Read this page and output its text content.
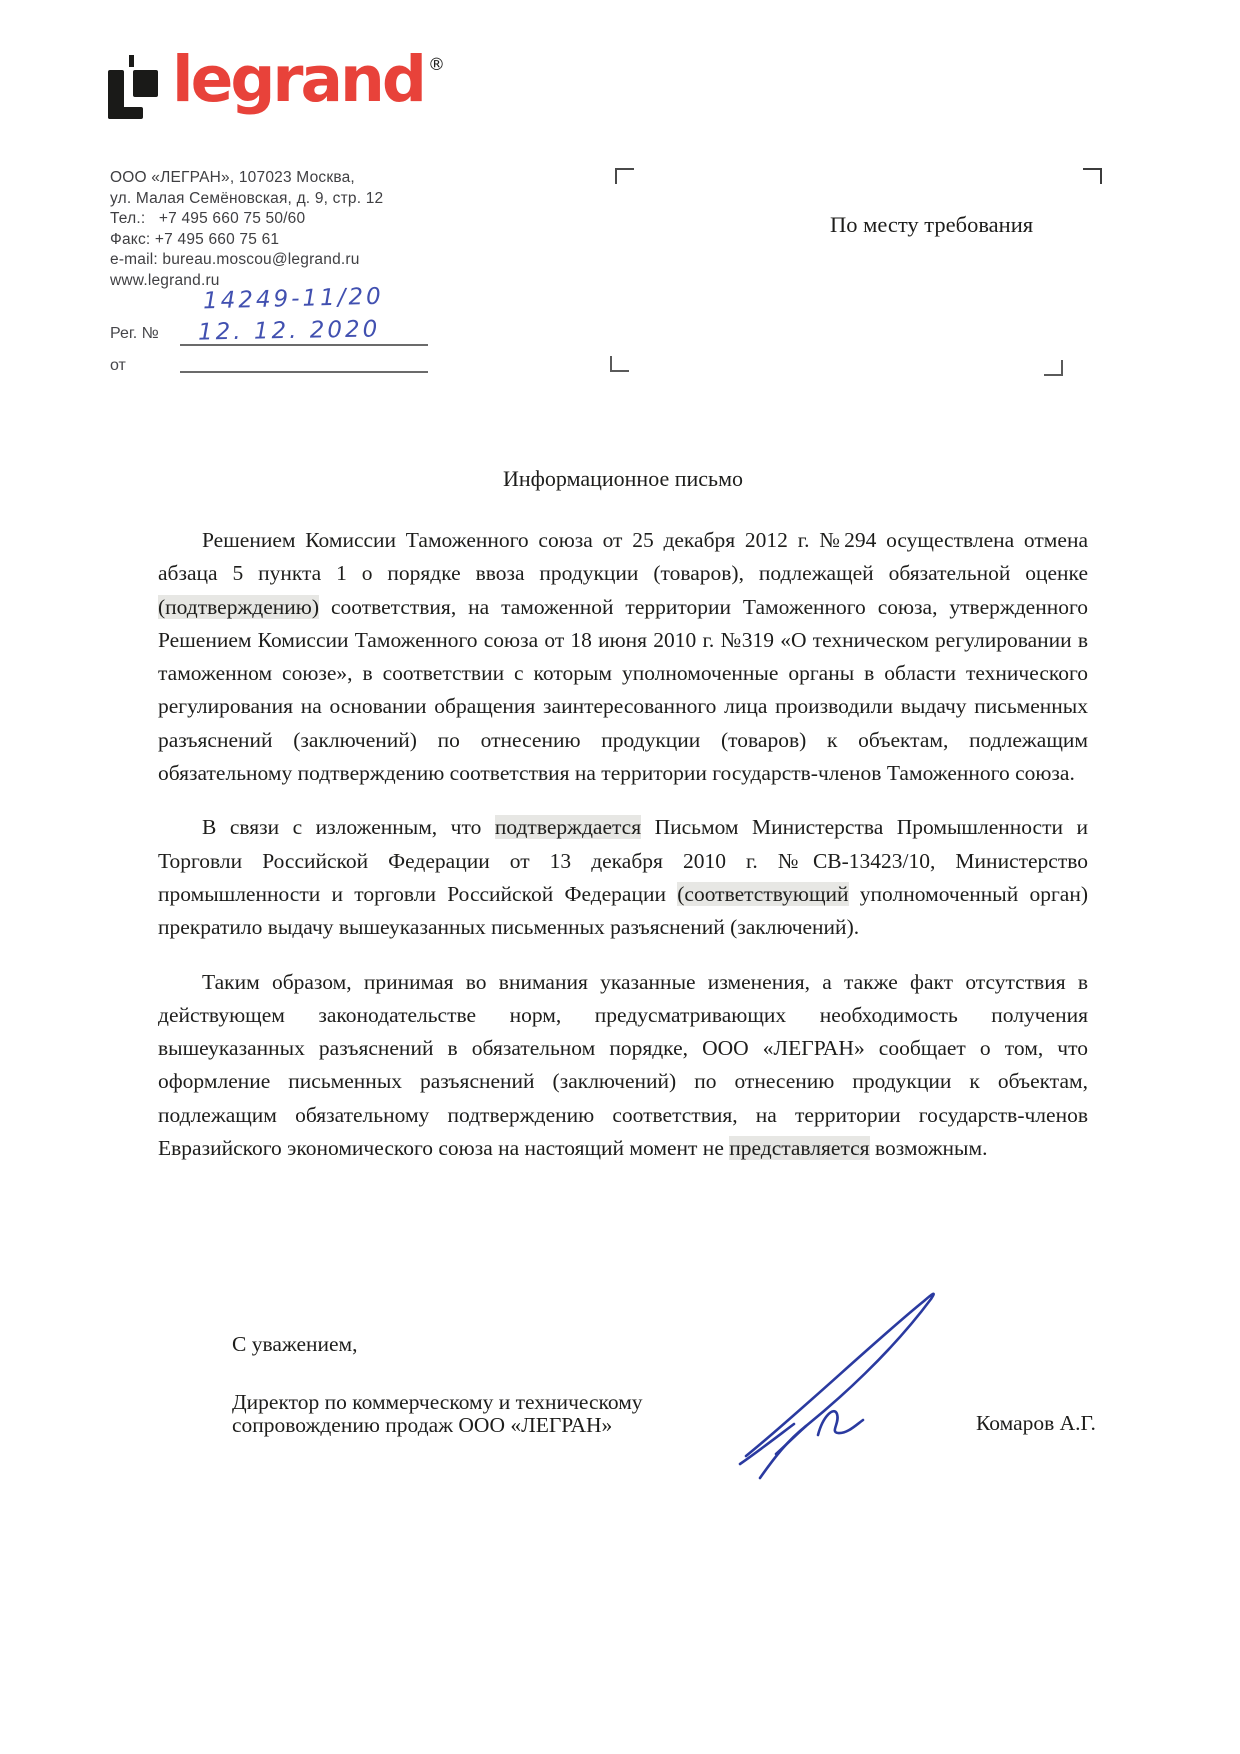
legrand ®
ООО «ЛЕГРАН», 107023 Москва,
ул. Малая Семёновская, д. 9, стр. 12
Тел.:   +7 495 660 75 50/60
Факс: +7 495 660 75 61
e-mail: bureau.moscou@legrand.ru
www.legrand.ru
Рег. №
14249-11/20
от
12. 12. 2020
По месту требования
Информационное письмо

Решением Комиссии Таможенного союза от 25 декабря 2012 г. №294 осуществлена отмена абзаца 5 пункта 1 о порядке ввоза продукции (товаров), подлежащей обязательной оценке (подтверждению) соответствия, на таможенной территории Таможенного союза, утвержденного Решением Комиссии Таможенного союза от 18 июня 2010 г. №319 «О техническом регулировании в таможенном союзе», в соответствии с которым уполномоченные органы в области технического регулирования на основании обращения заинтересованного лица производили выдачу письменных разъяснений (заключений) по отнесению продукции (товаров) к объектам, подлежащим обязательному подтверждению соответствия на территории государств-членов Таможенного союза.

В связи с изложенным, что подтверждается Письмом Министерства Промышленности и Торговли Российской Федерации от 13 декабря 2010 г. №СВ-13423/10, Министерство промышленности и торговли Российской Федерации (соответствующий уполномоченный орган) прекратило выдачу вышеуказанных письменных разъяснений (заключений).

Таким образом, принимая во внимания указанные изменения, а также факт отсутствия в действующем законодательстве норм, предусматривающих необходимость получения вышеуказанных разъяснений в обязательном порядке, ООО «ЛЕГРАН» сообщает о том, что оформление письменных разъяснений (заключений) по отнесению продукции к объектам, подлежащим обязательному подтверждению соответствия, на территории государств-членов Евразийского экономического союза на настоящий момент не представляется возможным.

С уважением,
Директор по коммерческому и техническому
сопровождению продаж ООО «ЛЕГРАН»	Комаров А.Г.
